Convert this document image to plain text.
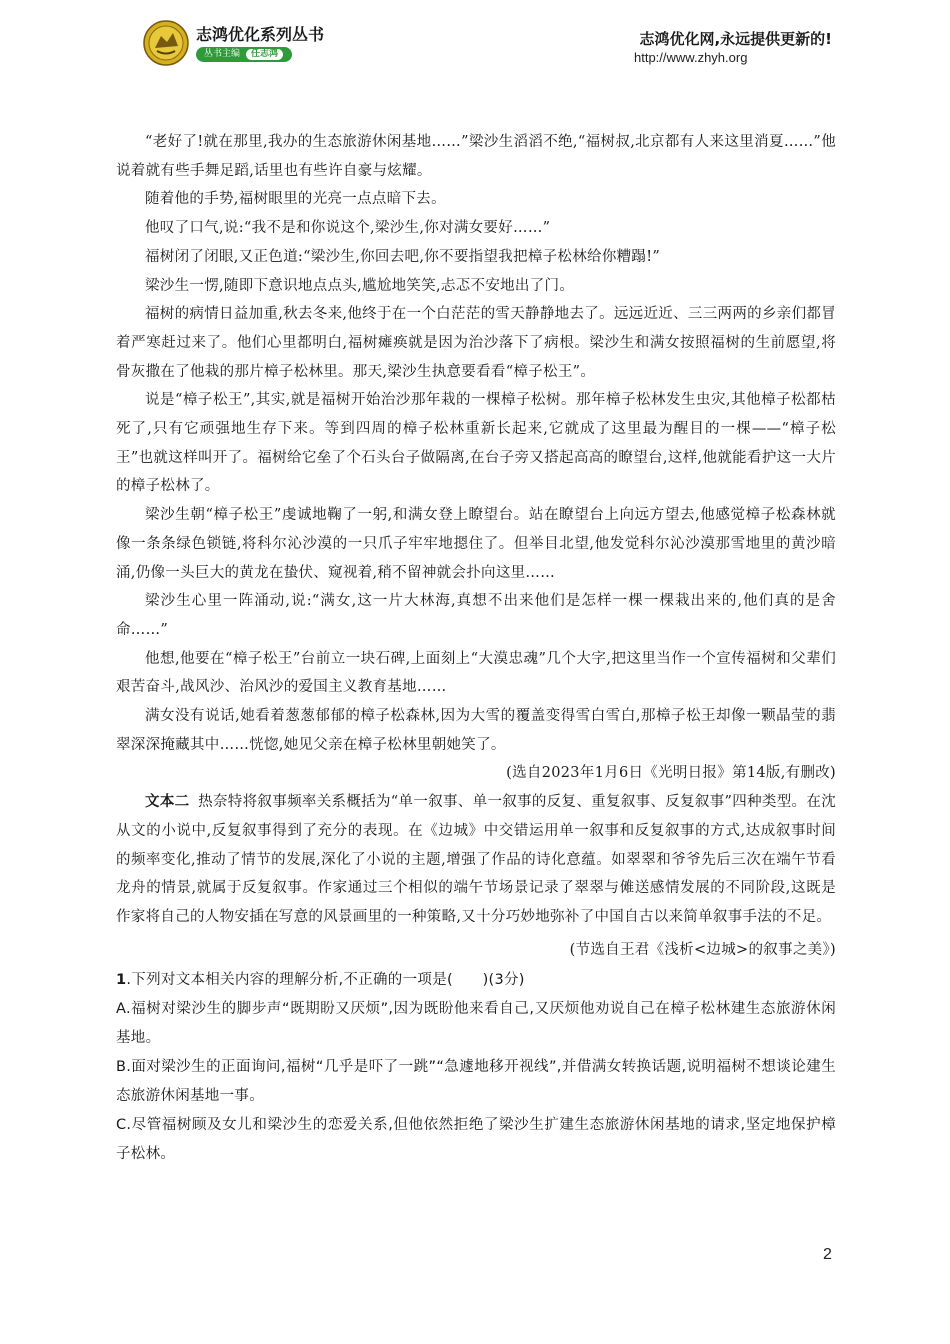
志鸿优化系列丛书
丛书主编 任志鸿
志鸿优化网,永远提供更新的!
http://www.zhyh.org

“老好了!就在那里,我办的生态旅游休闲基地……”梁沙生滔滔不绝,“福树叔,北京都有人来这里消夏……”他说着就有些手舞足蹈,话里也有些许自豪与炫耀。

随着他的手势,福树眼里的光亮一点点暗下去。

他叹了口气,说:“我不是和你说这个,梁沙生,你对满女要好……”

福树闭了闭眼,又正色道:“梁沙生,你回去吧,你不要指望我把樟子松林给你糟蹋!”

梁沙生一愣,随即下意识地点点头,尴尬地笑笑,忐忑不安地出了门。

福树的病情日益加重,秋去冬来,他终于在一个白茫茫的雪天静静地去了。远远近近、三三两两的乡亲们都冒着严寒赶过来了。他们心里都明白,福树瘫痪就是因为治沙落下了病根。梁沙生和满女按照福树的生前愿望,将骨灰撒在了他栽的那片樟子松林里。那天,梁沙生执意要看看“樟子松王”。

说是“樟子松王”,其实,就是福树开始治沙那年栽的一棵樟子松树。那年樟子松林发生虫灾,其他樟子松都枯死了,只有它顽强地生存下来。等到四周的樟子松林重新长起来,它就成了这里最为醒目的一棵——“樟子松王”也就这样叫开了。福树给它垒了个石头台子做隔离,在台子旁又搭起高高的瞭望台,这样,他就能看护这一大片的樟子松林了。

梁沙生朝“樟子松王”虔诚地鞠了一躬,和满女登上瞭望台。站在瞭望台上向远方望去,他感觉樟子松森林就像一条条绿色锁链,将科尔沁沙漠的一只爪子牢牢地摁住了。但举目北望,他发觉科尔沁沙漠那雪地里的黄沙暗涌,仍像一头巨大的黄龙在蛰伏、窥视着,稍不留神就会扑向这里……

梁沙生心里一阵涌动,说:“满女,这一片大林海,真想不出来他们是怎样一棵一棵栽出来的,他们真的是舍命……”

他想,他要在“樟子松王”台前立一块石碑,上面刻上“大漠忠魂”几个大字,把这里当作一个宣传福树和父辈们艰苦奋斗,战风沙、治风沙的爱国主义教育基地……

满女没有说话,她看着葱葱郁郁的樟子松森林,因为大雪的覆盖变得雪白雪白,那樟子松王却像一颗晶莹的翡翠深深掩藏其中……恍惚,她见父亲在樟子松林里朝她笑了。

(选自2023年1月6日《光明日报》第14版,有删改)

文本二 热奈特将叙事频率关系概括为“单一叙事、单一叙事的反复、重复叙事、反复叙事”四种类型。在沈从文的小说中,反复叙事得到了充分的表现。在《边城》中交错运用单一叙事和反复叙事的方式,达成叙事时间的频率变化,推动了情节的发展,深化了小说的主题,增强了作品的诗化意蕴。如翠翠和爷爷先后三次在端午节看龙舟的情景,就属于反复叙事。作家通过三个相似的端午节场景记录了翠翠与傩送感情发展的不同阶段,这既是作家将自己的人物安插在写意的风景画里的一种策略,又十分巧妙地弥补了中国自古以来简单叙事手法的不足。

(节选自王君《浅析<边城>的叙事之美》)

1.下列对文本相关内容的理解分析,不正确的一项是(　　)(3分)

A.福树对梁沙生的脚步声“既期盼又厌烦”,因为既盼他来看自己,又厌烦他劝说自己在樟子松林建生态旅游休闲基地。

B.面对梁沙生的正面询问,福树“几乎是吓了一跳”“急遽地移开视线”,并借满女转换话题,说明福树不想谈论建生态旅游休闲基地一事。

C.尽管福树顾及女儿和梁沙生的恋爱关系,但他依然拒绝了梁沙生扩建生态旅游休闲基地的请求,坚定地保护樟子松林。

2
